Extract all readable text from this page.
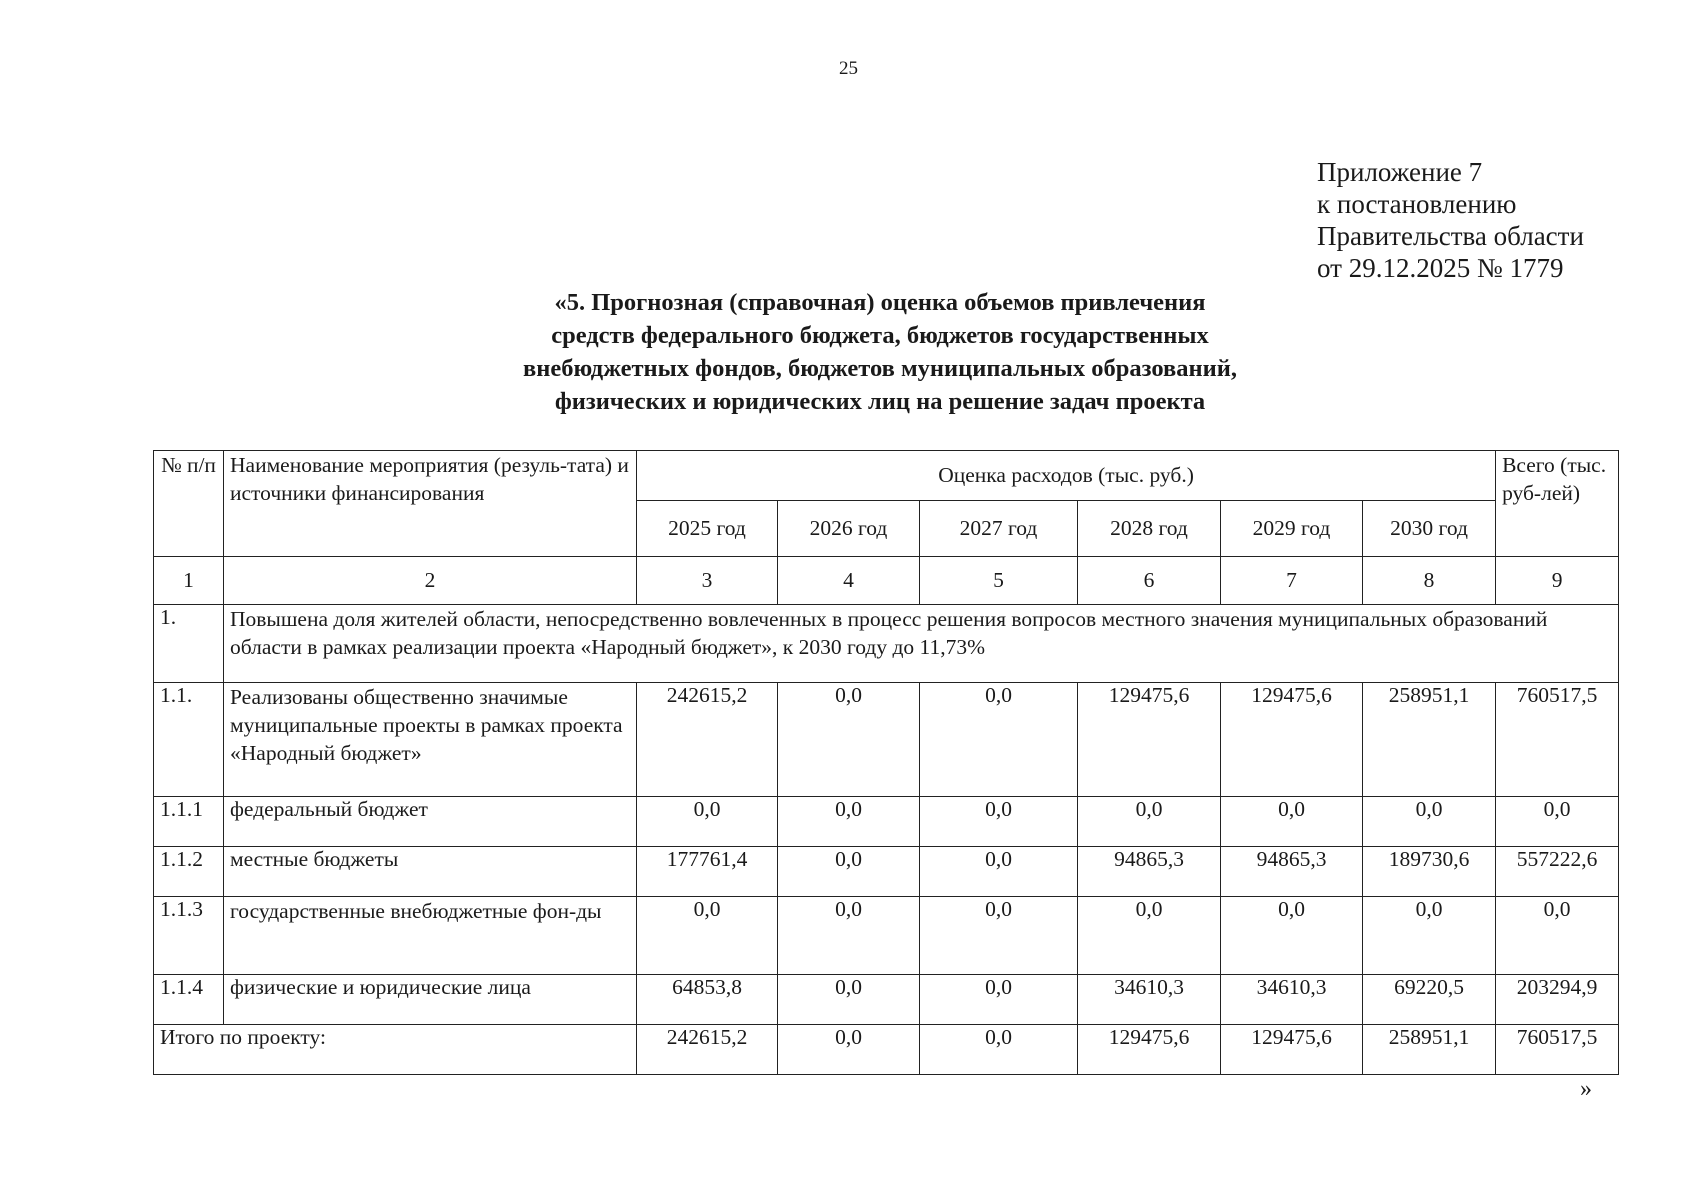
25
Приложение 7
к постановлению
Правительства области
от 29.12.2025 № 1779
«5. Прогнозная (справочная) оценка объемов привлечения
средств федерального бюджета, бюджетов государственных
внебюджетных фондов, бюджетов муниципальных образований,
физических и юридических лиц на решение задач проекта
№ п/п	Наименование мероприятия (резуль-тата) и источники финансирования	Оценка расходов (тыс. руб.)						Всего (тыс. руб-лей)
		2025 год	2026 год	2027 год	2028 год	2029 год	2030 год	
1	2	3	4	5	6	7	8	9
1.	Повышена доля жителей области, непосредственно вовлеченных в процесс решения вопросов местного значения муниципальных образований области в рамках реализации проекта «Народный бюджет», к 2030 году до 11,73%							
1.1.	Реализованы общественно значимые муниципальные проекты в рамках проекта «Народный бюджет»	242615,2	0,0	0,0	129475,6	129475,6	258951,1	760517,5
1.1.1	федеральный бюджет	0,0	0,0	0,0	0,0	0,0	0,0	0,0
1.1.2	местные бюджеты	177761,4	0,0	0,0	94865,3	94865,3	189730,6	557222,6
1.1.3	государственные внебюджетные фон-ды	0,0	0,0	0,0	0,0	0,0	0,0	0,0
1.1.4	физические и юридические лица	64853,8	0,0	0,0	34610,3	34610,3	69220,5	203294,9
Итого по проекту:		242615,2	0,0	0,0	129475,6	129475,6	258951,1	760517,5
»
